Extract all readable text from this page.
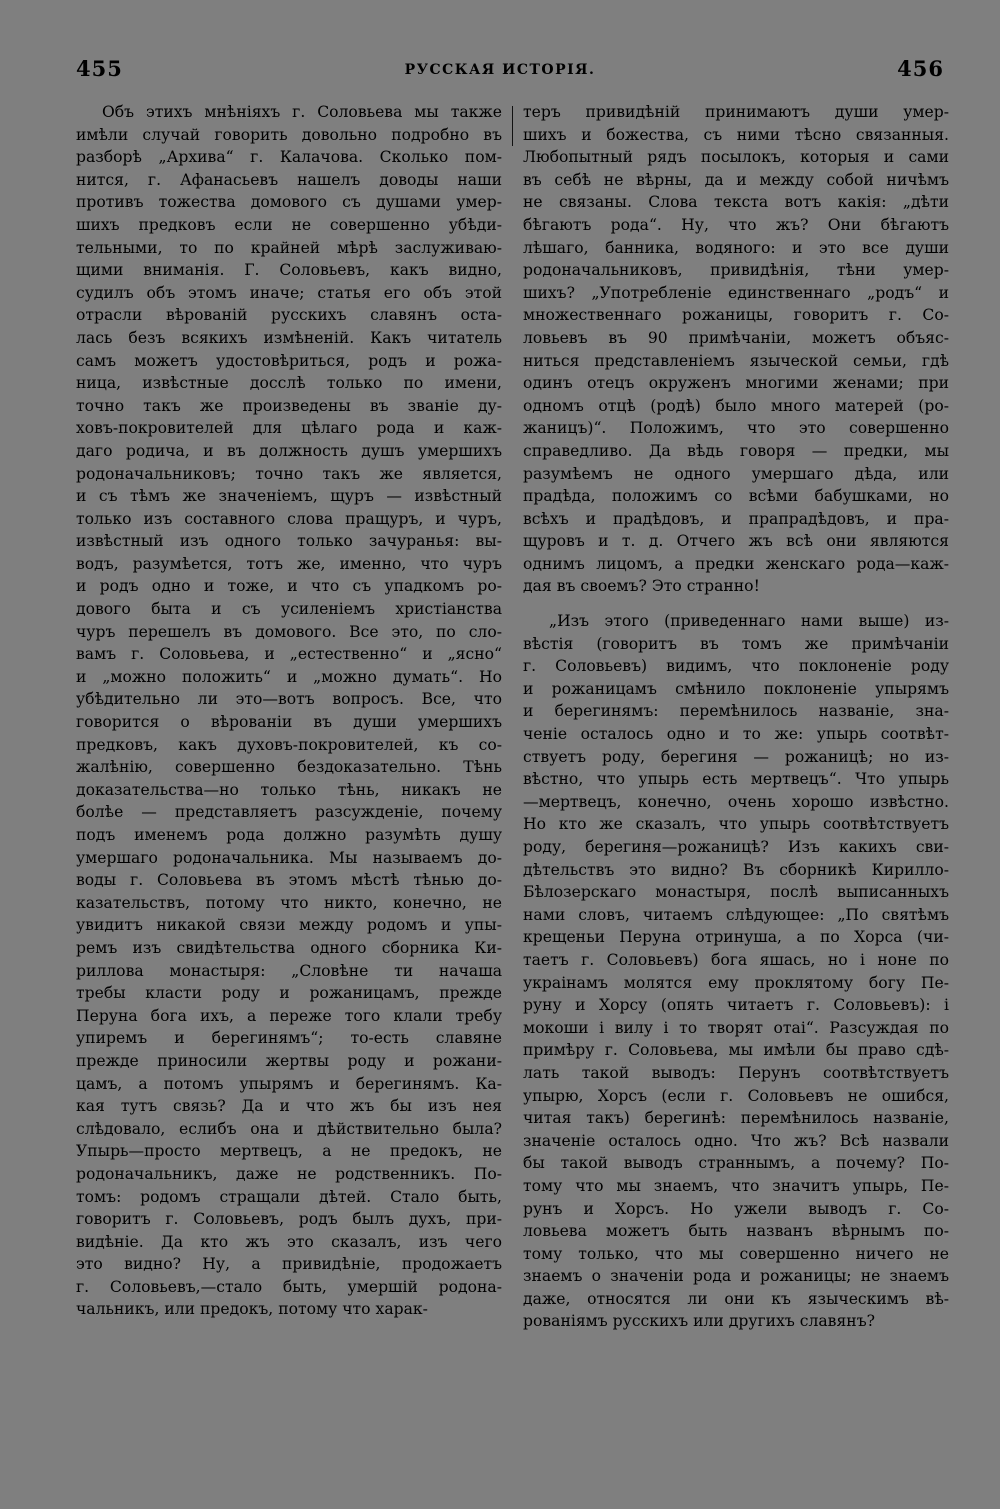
455	РУССКАЯ ИСТОРІЯ.	456
Объ этихъ мнѣніяхъ г. Соловьева мы также
имѣли случай говорить довольно подробно въ
разборѣ „Архива“ г. Калачова. Сколько пом-
нится, г. Афанасьевъ нашелъ доводы наши
противъ тожества домового съ душами умер-
шихъ предковъ если не совершенно убѣди-
тельными, то по крайней мѣрѣ заслуживаю-
щими вниманія. Г. Соловьевъ, какъ видно,
судилъ объ этомъ иначе; статья его объ этой
отрасли вѣрованій русскихъ славянъ оста-
лась безъ всякихъ измѣненій. Какъ читатель
самъ можетъ удостовѣриться, родъ и рожа-
ница, извѣстные досслѣ только по имени,
точно такъ же произведены въ званіе ду-
ховъ-покровителей для цѣлаго рода и каж-
даго родича, и въ должность душъ умершихъ
родоначальниковъ; точно такъ же является,
и съ тѣмъ же значеніемъ, щуръ — извѣстный
только изъ составного слова пращуръ, и чуръ,
извѣстный изъ одного только зачуранья: вы-
водъ, разумѣется, тотъ же, именно, что чуръ
и родъ одно и тоже, и что съ упадкомъ ро-
дового быта и съ усиленіемъ христіанства
чуръ перешелъ въ домового. Все это, по сло-
вамъ г. Соловьева, и „естественно“ и „ясно“
и „можно положить“ и „можно думать“. Но
убѣдительно ли это—вотъ вопросъ. Все, что
говорится о вѣрованіи въ души умершихъ
предковъ, какъ духовъ-покровителей, къ со-
жалѣнію, совершенно бездоказательно. Тѣнь
доказательства—но только тѣнь, никакъ не
болѣе — представляетъ разсужденіе, почему
подъ именемъ рода должно разумѣть душу
умершаго родоначальника. Мы называемъ до-
воды г. Соловьева въ этомъ мѣстѣ тѣнью до-
казательствъ, потому что никто, конечно, не
увидитъ никакой связи между родомъ и упы-
ремъ изъ свидѣтельства одного сборника Ки-
риллова монастыря: „Словѣне ти начаша
требы класти роду и рожаницамъ, прежде
Перуна бога ихъ, а переже того клали требу
упиремъ и берегинямъ“; то-есть славяне
прежде приносили жертвы роду и рожани-
цамъ, а потомъ упырямъ и берегинямъ. Ка-
кая тутъ связь? Да и что жъ бы изъ нея
слѣдовало, еслибъ она и дѣйствительно была?
Упырь—просто мертвецъ, а не предокъ, не
родоначальникъ, даже не родственникъ. По-
томъ: родомъ стращали дѣтей. Стало быть,
говоритъ г. Соловьевъ, родъ былъ духъ, при-
видѣніе. Да кто жъ это сказалъ, изъ чего
это видно? Ну, а привидѣніе, продожаетъ
г. Соловьевъ,—стало быть, умершій родона-
чальникъ, или предокъ, потому что харак-
теръ привидѣній принимаютъ души умер-
шихъ и божества, съ ними тѣсно связанныя.
Любопытный рядъ посылокъ, которыя и сами
въ себѣ не вѣрны, да и между собой ничѣмъ
не связаны. Слова текста вотъ какія: „дѣти
бѣгаютъ рода“. Ну, что жъ? Они бѣгаютъ
лѣшаго, банника, водяного: и это все души
родоначальниковъ, привидѣнія, тѣни умер-
шихъ? „Употребленіе единственнаго „родъ“ и
множественнаго рожаницы, говоритъ г. Со-
ловьевъ въ 90 примѣчаніи, можетъ объяс-
ниться представленіемъ языческой семьи, гдѣ
одинъ отецъ окруженъ многими женами; при
одномъ отцѣ (родѣ) было много матерей (ро-
жаницъ)“. Положимъ, что это совершенно
справедливо. Да вѣдь говоря — предки, мы
разумѣемъ не одного умершаго дѣда, или
прадѣда, положимъ со всѣми бабушками, но
всѣхъ и прадѣдовъ, и прапрадѣдовъ, и пра-
щуровъ и т. д. Отчего жъ всѣ они являются
однимъ лицомъ, а предки женскаго рода—каж-
дая въ своемъ? Это странно!
„Изъ этого (приведеннаго нами выше) из-
вѣстія (говоритъ въ томъ же примѣчаніи
г. Соловьевъ) видимъ, что поклоненіе роду
и рожаницамъ смѣнило поклоненіе упырямъ
и берегинямъ: перемѣнилось названіе, зна-
ченіе осталось одно и то же: упырь соотвѣт-
ствуетъ роду, берегиня — рожаницѣ; но из-
вѣстно, что упырь есть мертвецъ“. Что упырь
—мертвецъ, конечно, очень хорошо извѣстно.
Но кто же сказалъ, что упырь соотвѣтствуетъ
роду, берегиня—рожаницѣ? Изъ какихъ сви-
дѣтельствъ это видно? Въ сборникѣ Кирилло-
Бѣлозерскаго монастыря, послѣ выписанныхъ
нами словъ, читаемъ слѣдующее: „По святѣмъ
крещеньи Перуна отринуша, а по Хорса (чи-
таетъ г. Соловьевъ) бога яшась, но і ноне по
украінамъ молятся ему проклятому богу Пе-
руну и Хорсу (опять читаетъ г. Соловьевъ): і
мокоши і вилу і то творят отаі“. Разсуждая по
примѣру г. Соловьева, мы имѣли бы право сдѣ-
лать такой выводъ: Перунъ соотвѣтствуетъ
упырю, Хорсъ (если г. Соловьевъ не ошибся,
читая такъ) берегинѣ: перемѣнилось названіе,
значеніе осталось одно. Что жъ? Всѣ назвали
бы такой выводъ страннымъ, а почему? По-
тому что мы знаемъ, что значитъ упырь, Пе-
рунъ и Хорсъ. Но ужели выводъ г. Со-
ловьева можетъ быть названъ вѣрнымъ по-
тому только, что мы совершенно ничего не
знаемъ о значеніи рода и рожаницы; не знаемъ
даже, относятся ли они къ языческимъ вѣ-
рованіямъ русскихъ или другихъ славянъ?
